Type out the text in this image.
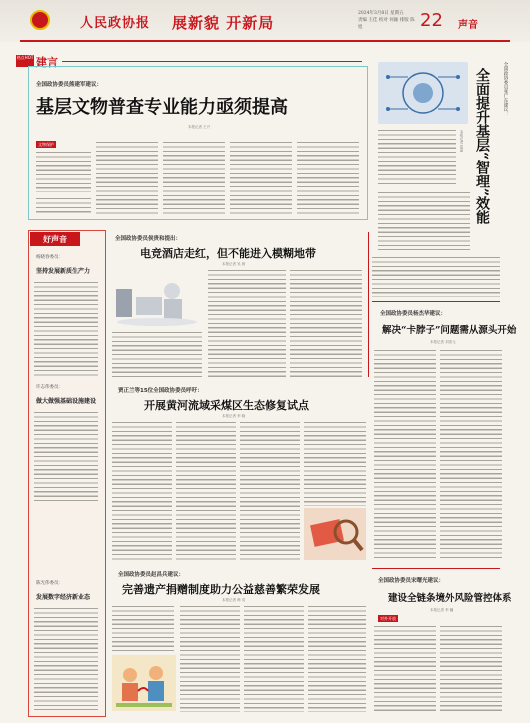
人民政协报 展新貌 开新局
2024年3月8日 星期五
责编 王佳 校对 何颖 排版 陈旭	22 声音
热点HOT 建言
全国政协委员熊建军建议：
基层文物普查专业能力亟须提高
本报记者 王兴
文物保护
全国政协委员张广东建议：
全面提升基层“智理”效能
本报记者 葛嘉
好声音
杨晓春委员：
坚持发展新质生产力
许志伟委员：
做大做强基础设施建设
陈光伟委员：
发展数字经济新业态
全国政协委员侯贵和提出：
电竞酒店走红，但不能进入模糊地带
本报记者 吴 琼
贾正兰等15位全国政协委员呼吁：
开展黄河流域采煤区生态修复试点
本报记者 李 晓
全国政协委员杨杰华建议：
解决“卡脖子”问题需从源头开始
本报记者 刘喜元
全国政协委员赵昌兵建议：
完善遗产捐赠制度助力公益慈善繁荣发展
本报记者 韩 英
全国政协委员宋曙光建议：
建设全链条境外风险管控体系
本报记者 李 巍
对外开放
